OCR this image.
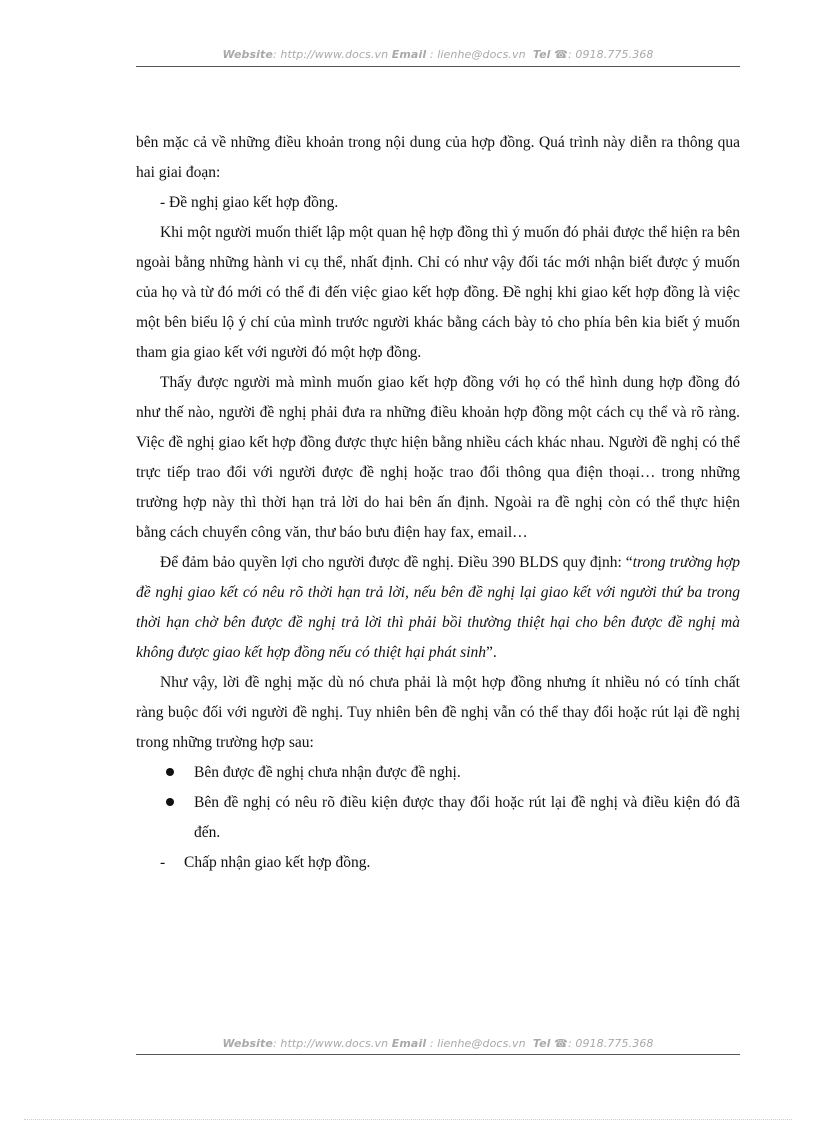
Website: http://www.docs.vn Email : lienhe@docs.vn Tel ☎: 0918.775.368

bên mặc cả về những điều khoản trong nội dung của hợp đồng. Quá trình này diễn ra thông qua hai giai đoạn:

- Đề nghị giao kết hợp đồng.

Khi một người muốn thiết lập một quan hệ hợp đồng thì ý muốn đó phải được thể hiện ra bên ngoài bằng những hành vi cụ thể, nhất định. Chỉ có như vậy đối tác mới nhận biết được ý muốn của họ và từ đó mới có thể đi đến việc giao kết hợp đồng. Đề nghị khi giao kết hợp đồng là việc một bên biểu lộ ý chí của mình trước người khác bằng cách bày tỏ cho phía bên kia biết ý muốn tham gia giao kết với người đó một hợp đồng.

Thấy được người mà mình muốn giao kết hợp đồng với họ có thể hình dung hợp đồng đó như thế nào, người đề nghị phải đưa ra những điều khoản hợp đồng một cách cụ thể và rõ ràng. Việc đề nghị giao kết hợp đồng được thực hiện bằng nhiều cách khác nhau. Người đề nghị có thể trực tiếp trao đổi với người được đề nghị hoặc trao đổi thông qua điện thoại… trong những trường hợp này thì thời hạn trả lời do hai bên ấn định. Ngoài ra đề nghị còn có thể thực hiện bằng cách chuyển công văn, thư báo bưu điện hay fax, email…

Để đảm bảo quyền lợi cho người được đề nghị. Điều 390 BLDS quy định: “trong trường hợp đề nghị giao kết có nêu rõ thời hạn trả lời, nếu bên đề nghị lại giao kết với người thứ ba trong thời hạn chờ bên được đề nghị trả lời thì phải bồi thường thiệt hại cho bên được đề nghị mà không được giao kết hợp đồng nếu có thiệt hại phát sinh”.

Như vậy, lời đề nghị mặc dù nó chưa phải là một hợp đồng nhưng ít nhiều nó có tính chất ràng buộc đối với người đề nghị. Tuy nhiên bên đề nghị vẫn có thể thay đổi hoặc rút lại đề nghị trong những trường hợp sau:

Bên được đề nghị chưa nhận được đề nghị.
Bên đề nghị có nêu rõ điều kiện được thay đổi hoặc rút lại đề nghị và điều kiện đó đã đến.

- Chấp nhận giao kết hợp đồng.

Website: http://www.docs.vn Email : lienhe@docs.vn Tel ☎: 0918.775.368
